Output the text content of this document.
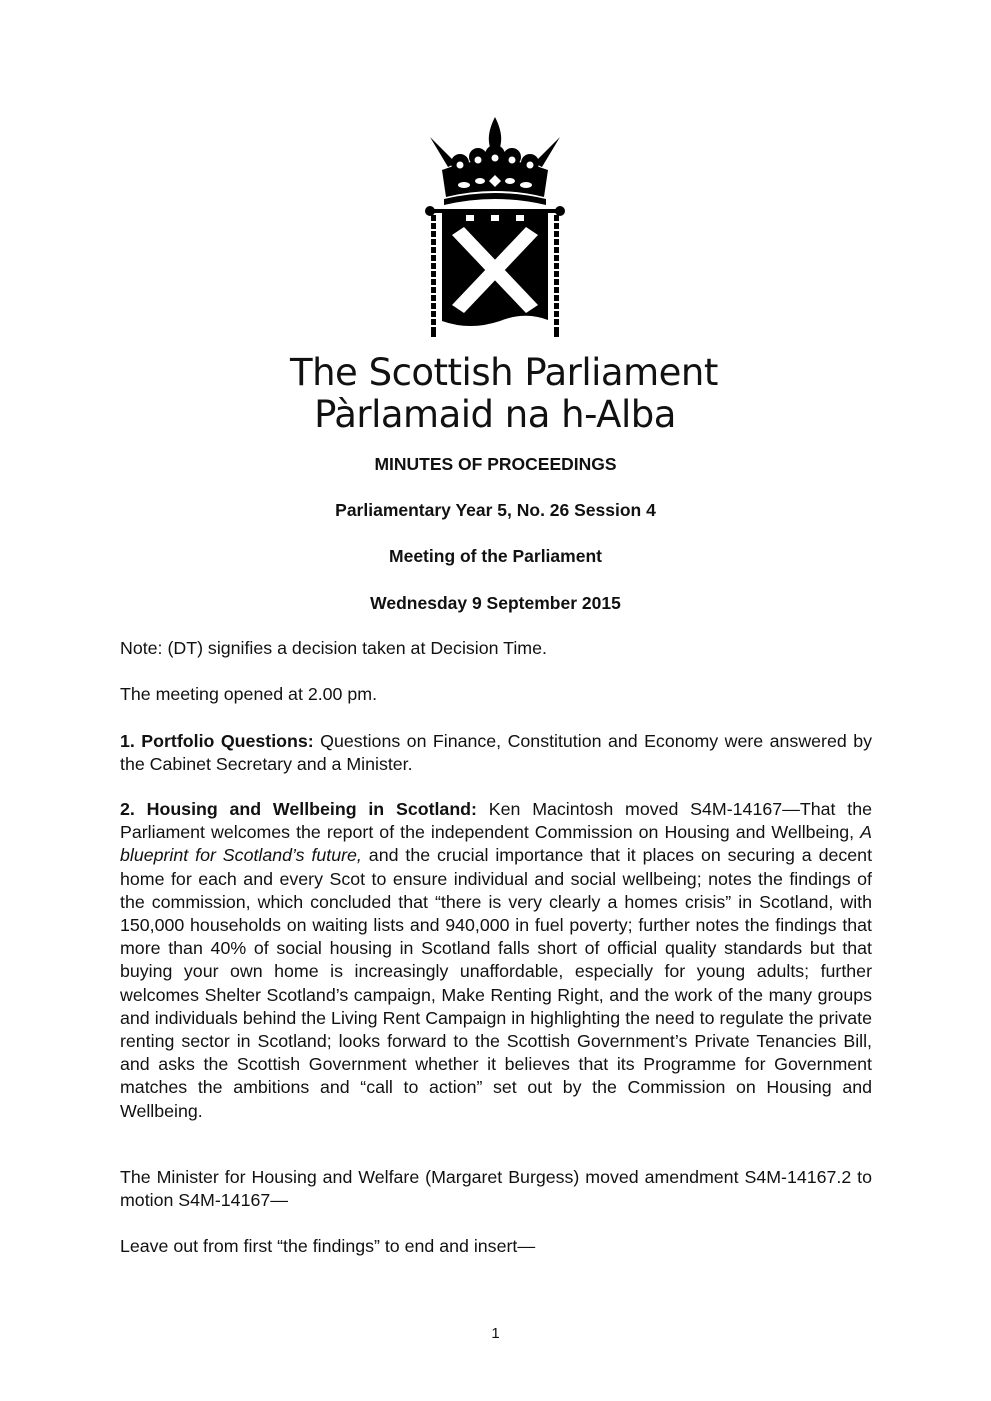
The Scottish Parliament
Pàrlamaid na h-Alba
MINUTES OF PROCEEDINGS
Parliamentary Year 5, No. 26 Session 4
Meeting of the Parliament
Wednesday 9 September 2015
Note: (DT) signifies a decision taken at Decision Time.
The meeting opened at 2.00 pm.
1. Portfolio Questions: Questions on Finance, Constitution and Economy were answered by the Cabinet Secretary and a Minister.
2. Housing and Wellbeing in Scotland: Ken Macintosh moved S4M-14167—That the Parliament welcomes the report of the independent Commission on Housing and Wellbeing, A blueprint for Scotland’s future, and the crucial importance that it places on securing a decent home for each and every Scot to ensure individual and social wellbeing; notes the findings of the commission, which concluded that “there is very clearly a homes crisis” in Scotland, with 150,000 households on waiting lists and 940,000 in fuel poverty; further notes the findings that more than 40% of social housing in Scotland falls short of official quality standards but that buying your own home is increasingly unaffordable, especially for young adults; further welcomes Shelter Scotland’s campaign, Make Renting Right, and the work of the many groups and individuals behind the Living Rent Campaign in highlighting the need to regulate the private renting sector in Scotland; looks forward to the Scottish Government’s Private Tenancies Bill, and asks the Scottish Government whether it believes that its Programme for Government matches the ambitions and “call to action” set out by the Commission on Housing and Wellbeing.
The Minister for Housing and Welfare (Margaret Burgess) moved amendment S4M-14167.2 to motion S4M-14167—
Leave out from first “the findings” to end and insert—
1
